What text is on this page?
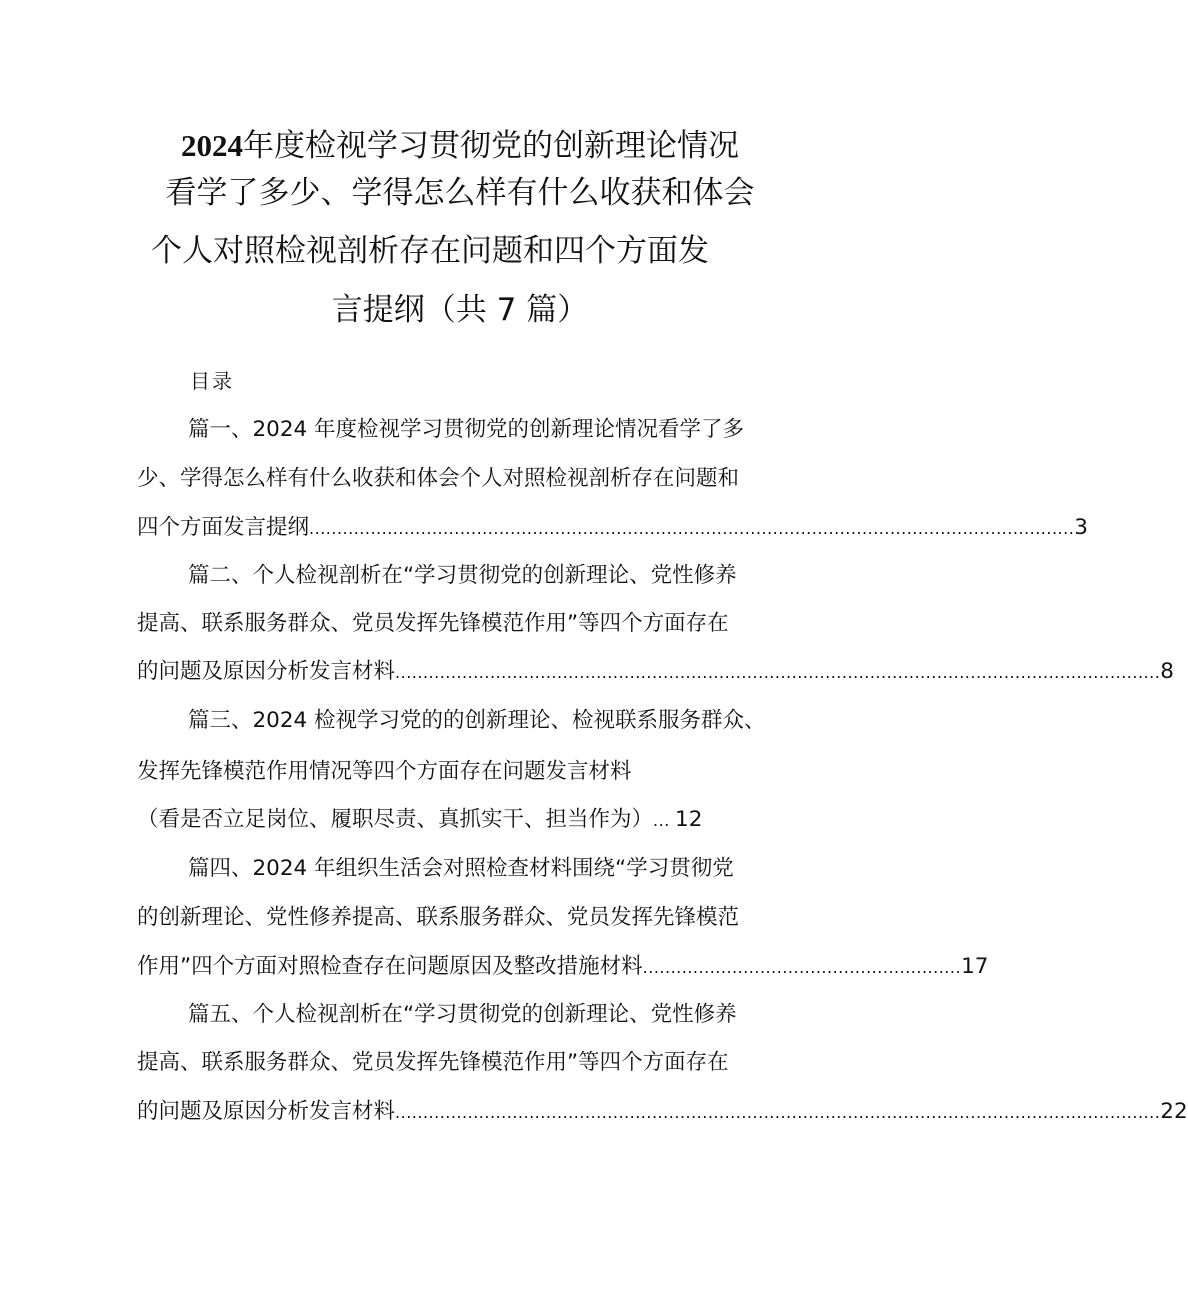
2024年度检视学习贯彻党的创新理论情况
看学了多少、学得怎么样有什么收获和体会
个人对照检视剖析存在问题和四个方面发
言提纲（共 7 篇）
目录
篇一、2024 年度检视学习贯彻党的创新理论情况看学了多
少、学得怎么样有什么收获和体会个人对照检视剖析存在问题和
四个方面发言提纲 ......................................................................................................................................... 3
篇二、个人检视剖析在“学习贯彻党的创新理论、党性修养
提高、联系服务群众、党员发挥先锋模范作用”等四个方面存在
的问题及原因分析发言材料 ......................................................................................................................................... 8
篇三、2024 检视学习党的的创新理论、检视联系服务群众、
发挥先锋模范作用情况等四个方面存在问题发言材料
（看是否立足岗位、履职尽责、真抓实干、担当作为） ... 12
篇四、2024 年组织生活会对照检查材料围绕“学习贯彻党
的创新理论、党性修养提高、联系服务群众、党员发挥先锋模范
作用”四个方面对照检查存在问题原因及整改措施材料 ......................................................... 17
篇五、个人检视剖析在“学习贯彻党的创新理论、党性修养
提高、联系服务群众、党员发挥先锋模范作用”等四个方面存在
的问题及原因分析发言材料 ......................................................................................................................................... 22
